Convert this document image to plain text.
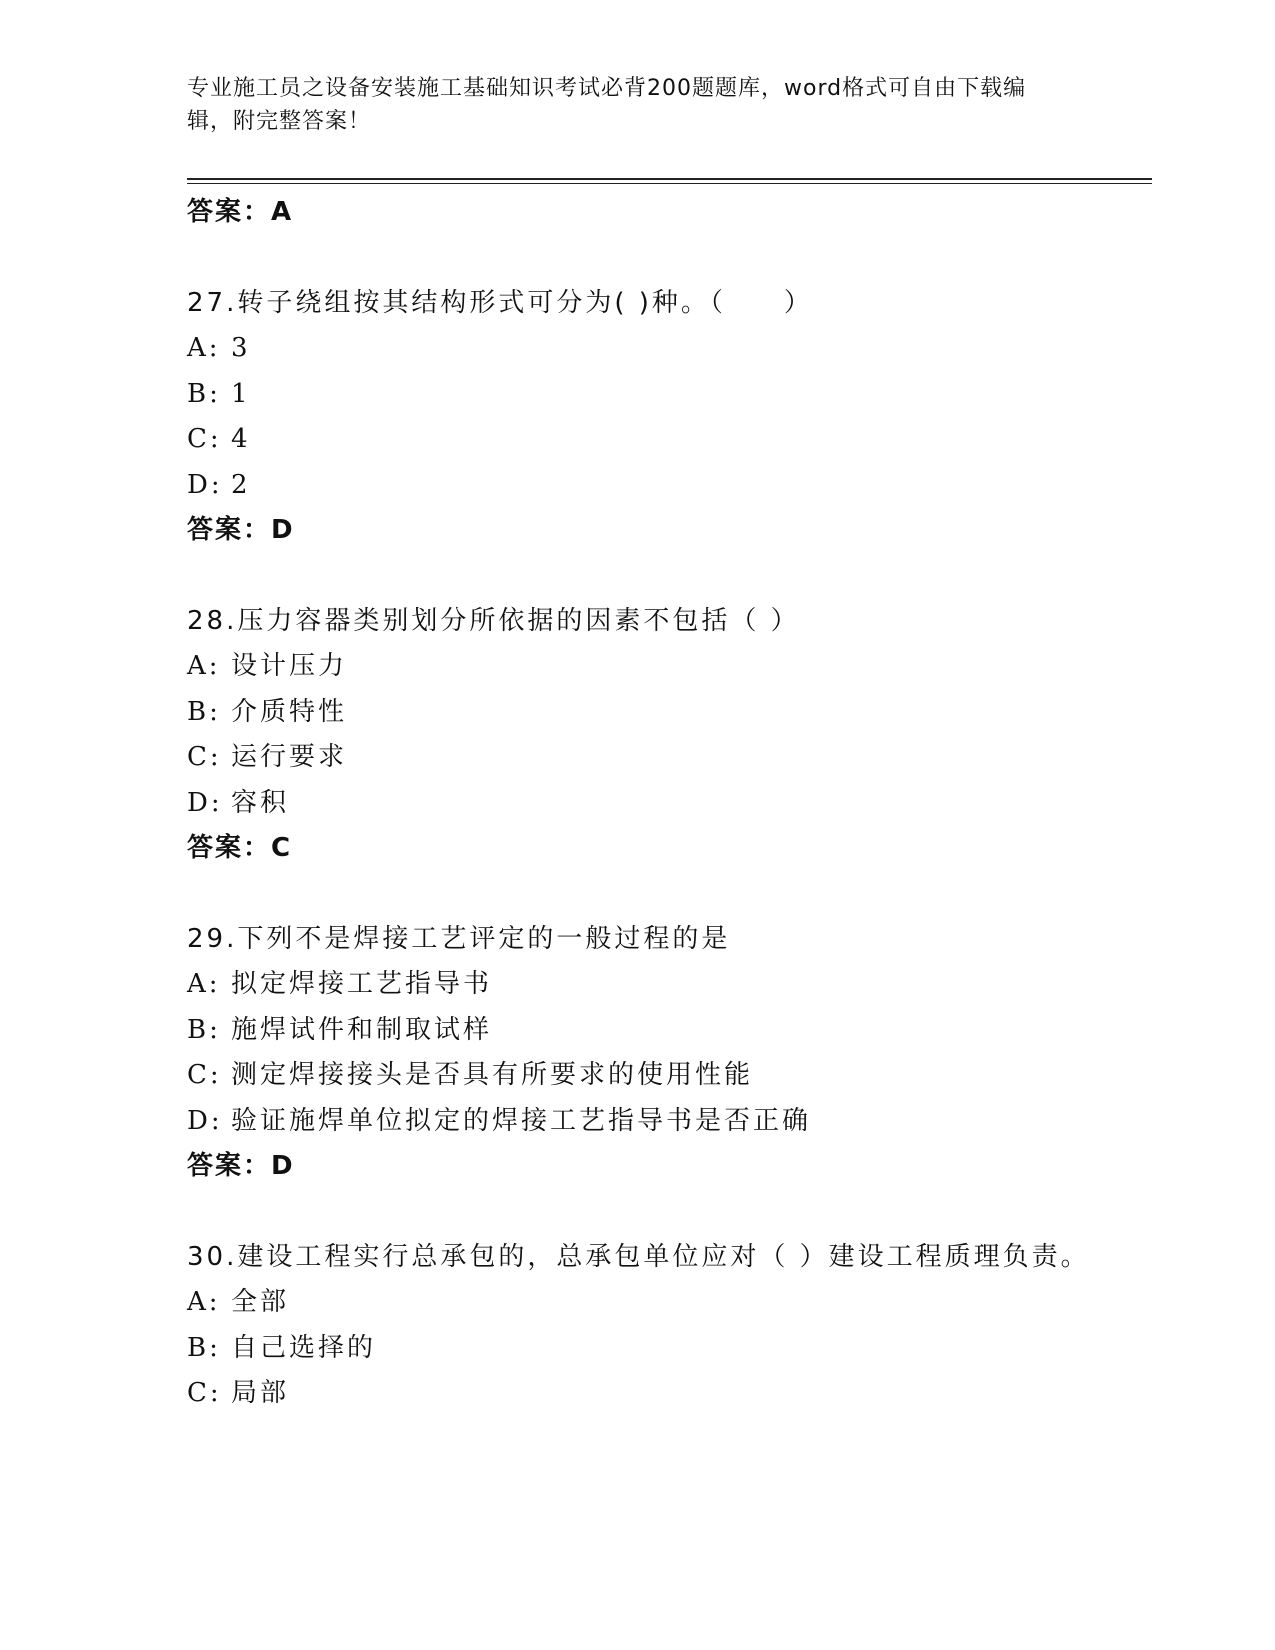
专业施工员之设备安装施工基础知识考试必背200题题库，word格式可自由下载编辑，附完整答案！
答案：A
27.转子绕组按其结构形式可分为( )种。（　　）
A: 3
B: 1
C: 4
D: 2
答案：D
28.压力容器类别划分所依据的因素不包括（ ）
A: 设计压力
B: 介质特性
C: 运行要求
D: 容积
答案：C
29.下列不是焊接工艺评定的一般过程的是
A: 拟定焊接工艺指导书
B: 施焊试件和制取试样
C: 测定焊接接头是否具有所要求的使用性能
D: 验证施焊单位拟定的焊接工艺指导书是否正确
答案：D
30.建设工程实行总承包的，总承包单位应对（ ）建设工程质理负责。
A: 全部
B: 自己选择的
C: 局部
